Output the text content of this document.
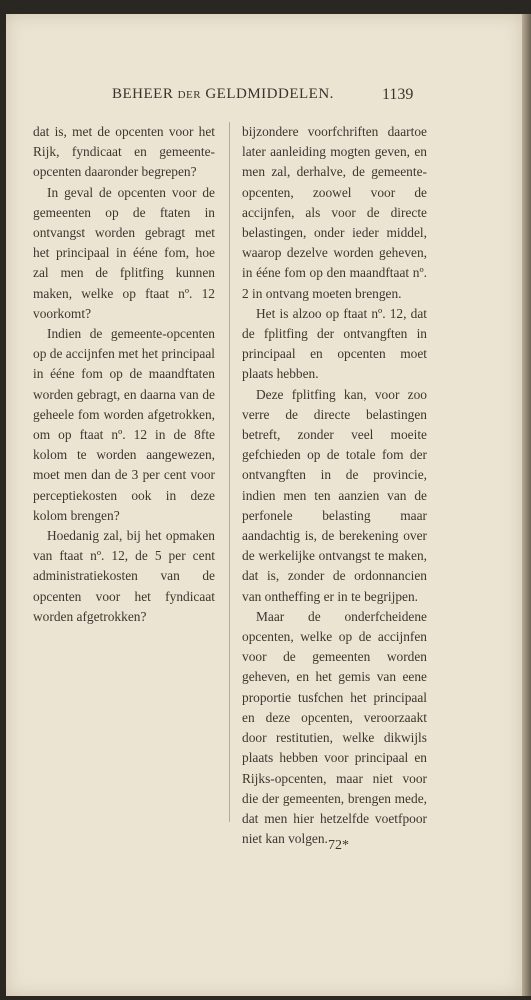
BEHEER DER GELDMIDDELEN.	1139

dat is, met de opcenten voor het Rijk, fyndicaat en gemeente-opcenten daaronder begrepen?

In geval de opcenten voor de gemeenten op de ftaten in ontvangst worden gebragt met het principaal in ééne fom, hoe zal men de fplitfing kunnen maken, welke op ftaat nº. 12 voorkomt?

Indien de gemeente-opcenten op de accijnfen met het principaal in éénе fom op de maandftaten worden gebragt, en daarna van de geheele fom worden afgetrokken, om op ftaat nº. 12 in de 8fte kolom te worden aangewezen, moet men dan de 3 per cent voor perceptiekosten ook in deze kolom brengen?

Hoedanig zal, bij het opmaken van ftaat nº. 12, de 5 per cent administratiekosten van de opcenten voor het fyndicaat worden afgetrokken?

bijzondere voorfchriften daartoe later aanleiding mogten geven, en men zal, derhalve, de gemeente-opcenten, zoowel voor de accijnfen, als voor de directe belastingen, onder ieder middel, waarop dezelve worden geheven, in éénе fom op den maandftaat nº. 2 in ontvang moeten brengen.

Het is alzoo op ftaat nº. 12, dat de fplitfing der ontvangften in principaal en opcenten moet plaats hebben.

Deze fplitfing kan, voor zoo verre de directe belastingen betreft, zonder veel moeite gefchieden op de totale fom der ontvangften in de provincie, indien men ten aanzien van de perfonele belasting maar aandachtig is, de berekening over de werkelijke ontvangst te maken, dat is, zonder de ordonnancien van ontheffing er in te begrijpen.

Maar de onderfcheidene opcenten, welke op de accijnfen voor de gemeenten worden geheven, en het gemis van eene proportie tusfchen het principaal en deze opcenten, veroorzaakt door restitutien, welke dikwijls plaats hebben voor principaal en Rijks-opcenten, maar niet voor die der gemeenten, brengen mede, dat men hier hetzelfde voetfpoor niet kan volgen. 72*
